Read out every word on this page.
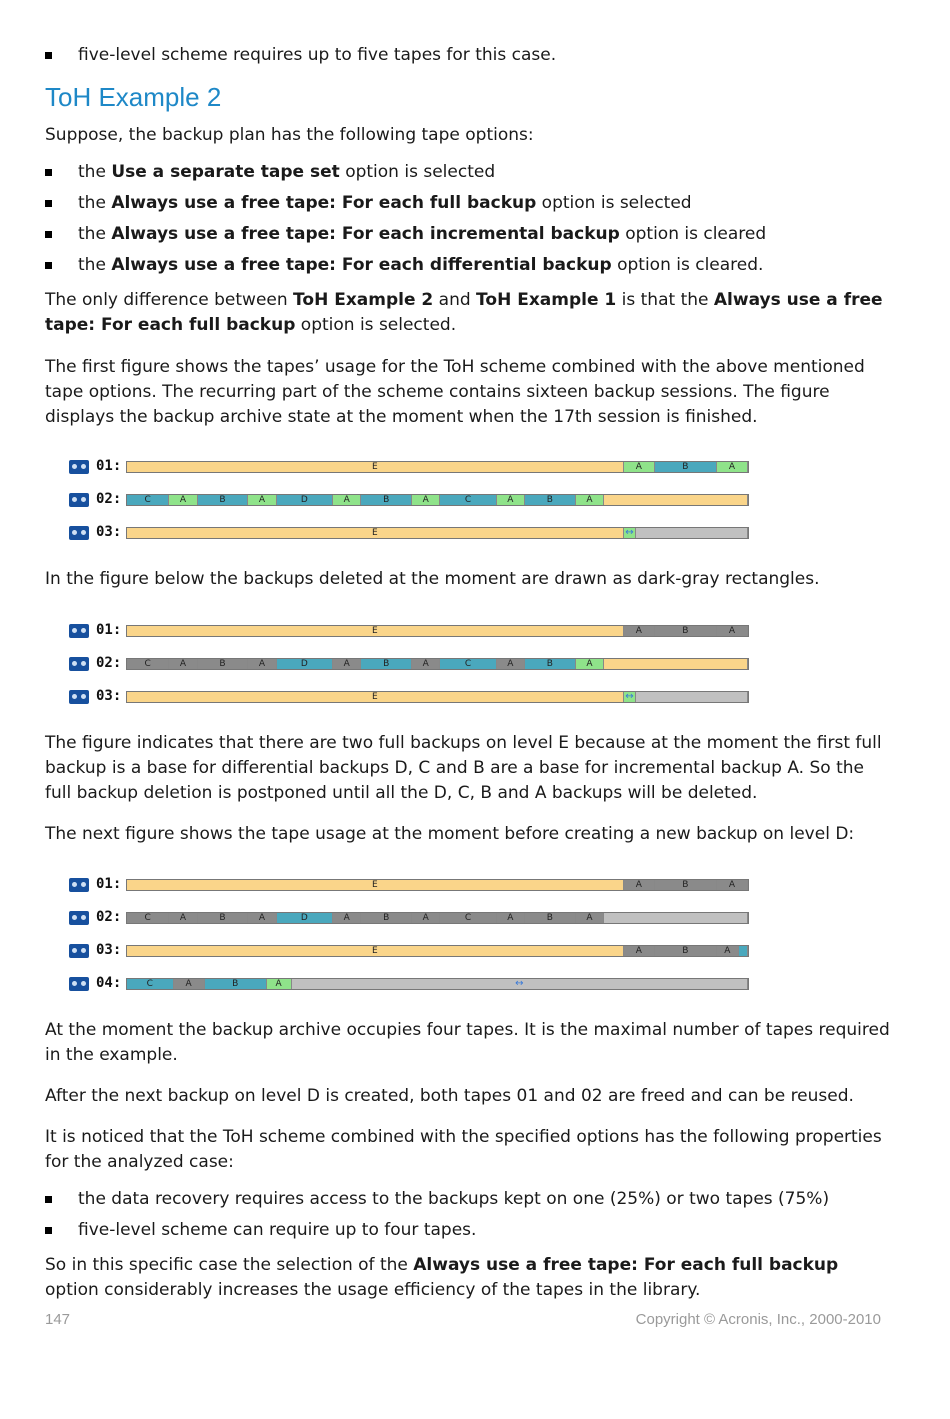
five-level scheme requires up to five tapes for this case.
ToH Example 2

Suppose, the backup plan has the following tape options:

the Use a separate tape set option is selected
the Always use a free tape: For each full backup option is selected
the Always use a free tape: For each incremental backup option is cleared
the Always use a free tape: For each differential backup option is cleared.

The only difference between ToH Example 2 and ToH Example 1 is that the Always use a free tape: For each full backup option is selected.

The first figure shows the tapes’ usage for the ToH scheme combined with the above mentioned tape options. The recurring part of the scheme contains sixteen backup sessions. The figure displays the backup archive state at the moment when the 17th session is finished.

01:	E	A	B	A
02:	C	A	B	A	D	A	B	A	C	A	B	A
03:	E	↔

In the figure below the backups deleted at the moment are drawn as dark-gray rectangles.

01:	E	A	B	A
02:	C	A	B	A	D	A	B	A	C	A	B	A
03:	E	↔

The figure indicates that there are two full backups on level E because at the moment the first full backup is a base for differential backups D, C and B are a base for incremental backup A. So the full backup deletion is postponed until all the D, C, B and A backups will be deleted.

The next figure shows the tape usage at the moment before creating a new backup on level D:

01:	E	A	B	A
02:	C	A	B	A	D	A	B	A	C	A	B	A
03:	E	A	B	A
04:	C	A	B	A	↔

At the moment the backup archive occupies four tapes. It is the maximal number of tapes required in the example.

After the next backup on level D is created, both tapes 01 and 02 are freed and can be reused.

It is noticed that the ToH scheme combined with the specified options has the following properties for the analyzed case:

the data recovery requires access to the backups kept on one (25%) or two tapes (75%)
five-level scheme can require up to four tapes.

So in this specific case the selection of the Always use a free tape: For each full backup option considerably increases the usage efficiency of the tapes in the library.

147	Copyright © Acronis, Inc., 2000-2010
